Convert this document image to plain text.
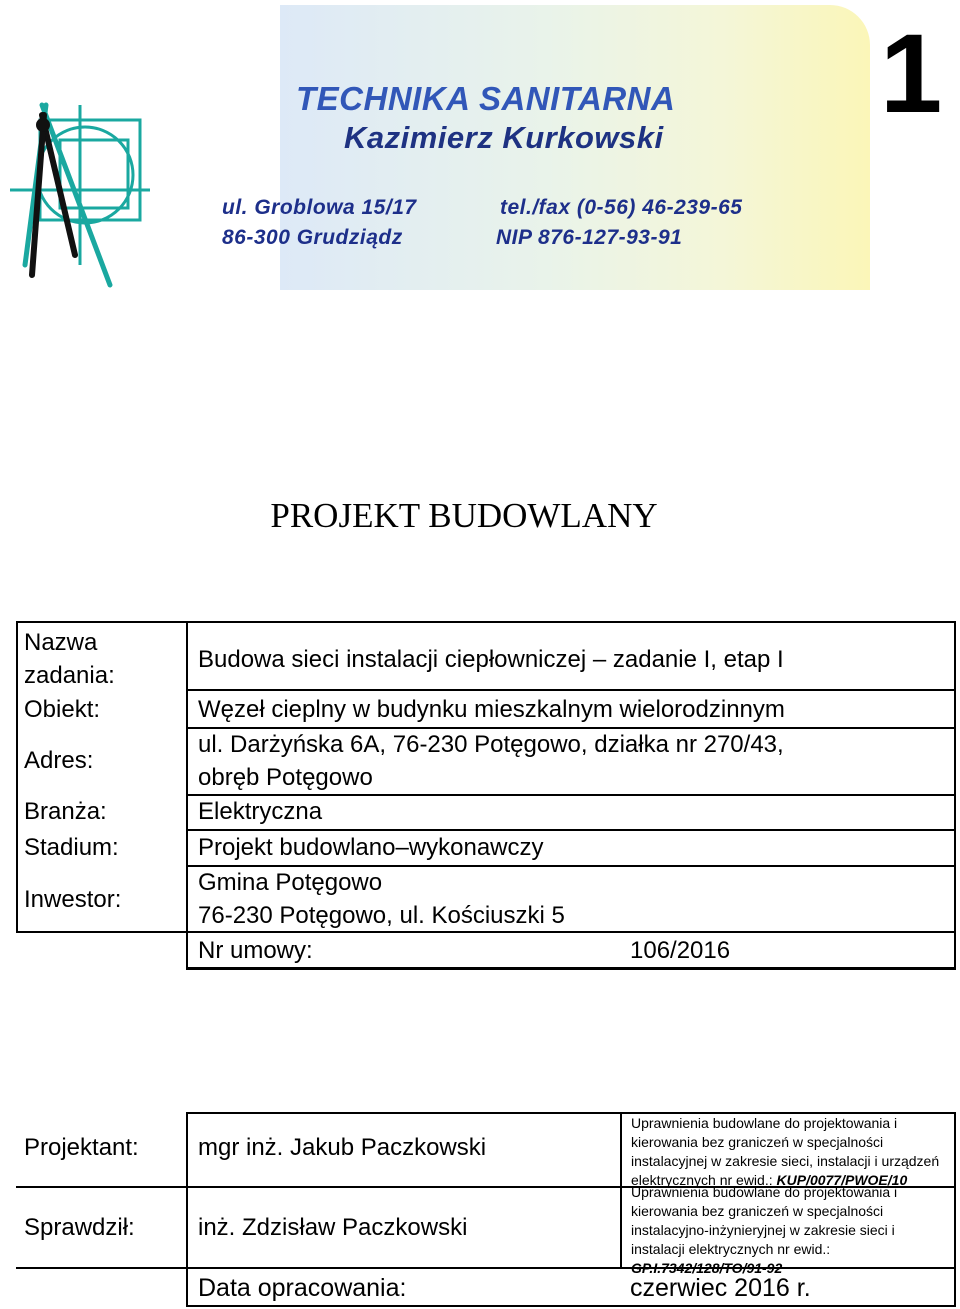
TECHNIKA SANITARNA
Kazimierz Kurkowski
ul. Groblowa 15/17
86-300 Grudziądz
tel./fax (0-56) 46-239-65
NIP 876-127-93-91
1
PROJEKT BUDOWLANY
Nazwa
zadania:
Budowa sieci instalacji ciepłowniczej – zadanie I, etap I
Obiekt:	Węzeł cieplny w budynku mieszkalnym wielorodzinnym
Adres:
ul. Darżyńska 6A, 76-230 Potęgowo, działka nr 270/43,
obręb Potęgowo
Branża:	Elektryczna
Stadium:	Projekt budowlano–wykonawczy
Inwestor:
Gmina Potęgowo
76-230 Potęgowo, ul. Kościuszki 5
Nr umowy:	106/2016
Projektant: mgr inż. Jakub Paczkowski
Uprawnienia budowlane do projektowania i
kierowania bez graniczeń w specjalności
instalacyjnej w zakresie sieci, instalacji i urządzeń
elektrycznych nr ewid.: KUP/0077/PWOE/10
Sprawdził:	inż. Zdzisław Paczkowski
Uprawnienia budowlane do projektowania i
kierowania bez graniczeń w specjalności
instalacyjno-inżynieryjnej w zakresie sieci i
instalacji elektrycznych nr ewid.:
GP.I.7342/128/TO/91-92
Data opracowania:	czerwiec 2016 r.
